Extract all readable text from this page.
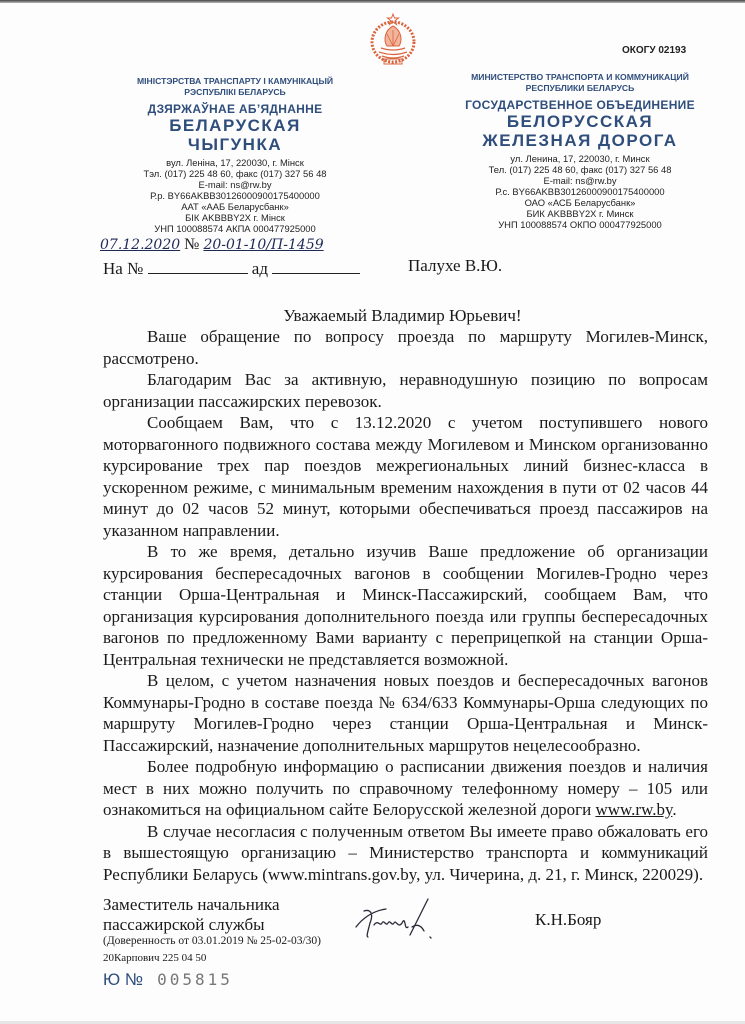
ОКОГУ 02193
МІНІСТЭРСТВА ТРАНСПАРТУ І КАМУНІКАЦЫЙ
РЭСПУБЛІКІ БЕЛАРУСЬ
ДЗЯРЖАЎНАЕ АБ’ЯДНАННЕ
БЕЛАРУСКАЯ
ЧЫГУНКА
вул. Леніна, 17, 220030, г. Мінск
Тэл. (017) 225 48 60, факс (017) 327 56 48
E-mail: ns@rw.by
Р.р. BY66AKBB30126000900175400000
ААТ «ААБ Беларусбанк»
БІК AKBBBY2X г. Мінск
УНП 100088574 АКПА 000477925000
МИНИСТЕРСТВО ТРАНСПОРТА И КОММУНИКАЦИЙ
РЕСПУБЛИКИ БЕЛАРУСЬ
ГОСУДАРСТВЕННОЕ ОБЪЕДИНЕНИЕ
БЕЛОРУССКАЯ
ЖЕЛЕЗНАЯ ДОРОГА
ул. Ленина, 17, 220030, г. Минск
Тел. (017) 225 48 60, факс (017) 327 56 48
E-mail: ns@rw.by
Р.с. BY66AKBB30126000900175400000
ОАО «АСБ Беларусбанк»
БИК AKBBBY2X г. Минск
УНП 100088574 ОКПО 000477925000
07.12.2020 № 20-01-10/П-1459
На №	ад	Палухе В.Ю.
Уважаемый Владимир Юрьевич!

Ваше обращение по вопросу проезда по маршруту Могилев-Минск, рассмотрено.

Благодарим Вас за активную, неравнодушную позицию по вопросам организации пассажирских перевозок.

Сообщаем Вам, что с 13.12.2020 с учетом поступившего нового моторвагонного подвижного состава между Могилевом и Минском организованно курсирование трех пар поездов межрегиональных линий бизнес-класса в ускоренном режиме, с минимальным временим нахождения в пути от 02 часов 44 минут до 02 часов 52 минут, которыми обеспечиваться проезд пассажиров на указанном направлении.

В то же время, детально изучив Ваше предложение об организации курсирования беспересадочных вагонов в сообщении Могилев-Гродно через станции Орша-Центральная и Минск-Пассажирский, сообщаем Вам, что организация курсирования дополнительного поезда или группы беспересадочных вагонов по предложенному Вами варианту с переприцепкой на станции Орша-Центральная технически не представляется возможной.

В целом, с учетом назначения новых поездов и беспересадочных вагонов Коммунары-Гродно в составе поезда № 634/633 Коммунары-Орша следующих по маршруту Могилев-Гродно через станции Орша-Центральная и Минск-Пассажирский, назначение дополнительных маршрутов нецелесообразно.

Более подробную информацию о расписании движения поездов и наличия мест в них можно получить по справочному телефонному номеру – 105 или ознакомиться на официальном сайте Белорусской железной дороги www.rw.by.

В случае несогласия с полученным ответом Вы имеете право обжаловать его в вышестоящую организацию – Министерство транспорта и коммуникаций Республики Беларусь (www.mintrans.gov.by, ул. Чичерина, д. 21, г. Минск, 220029).

Заместитель начальника
пассажирской службы
(Доверенность от 03.01.2019 № 25-02-03/30)
К.Н.Бояр
20Карпович 225 04 50
Ю № 005815
